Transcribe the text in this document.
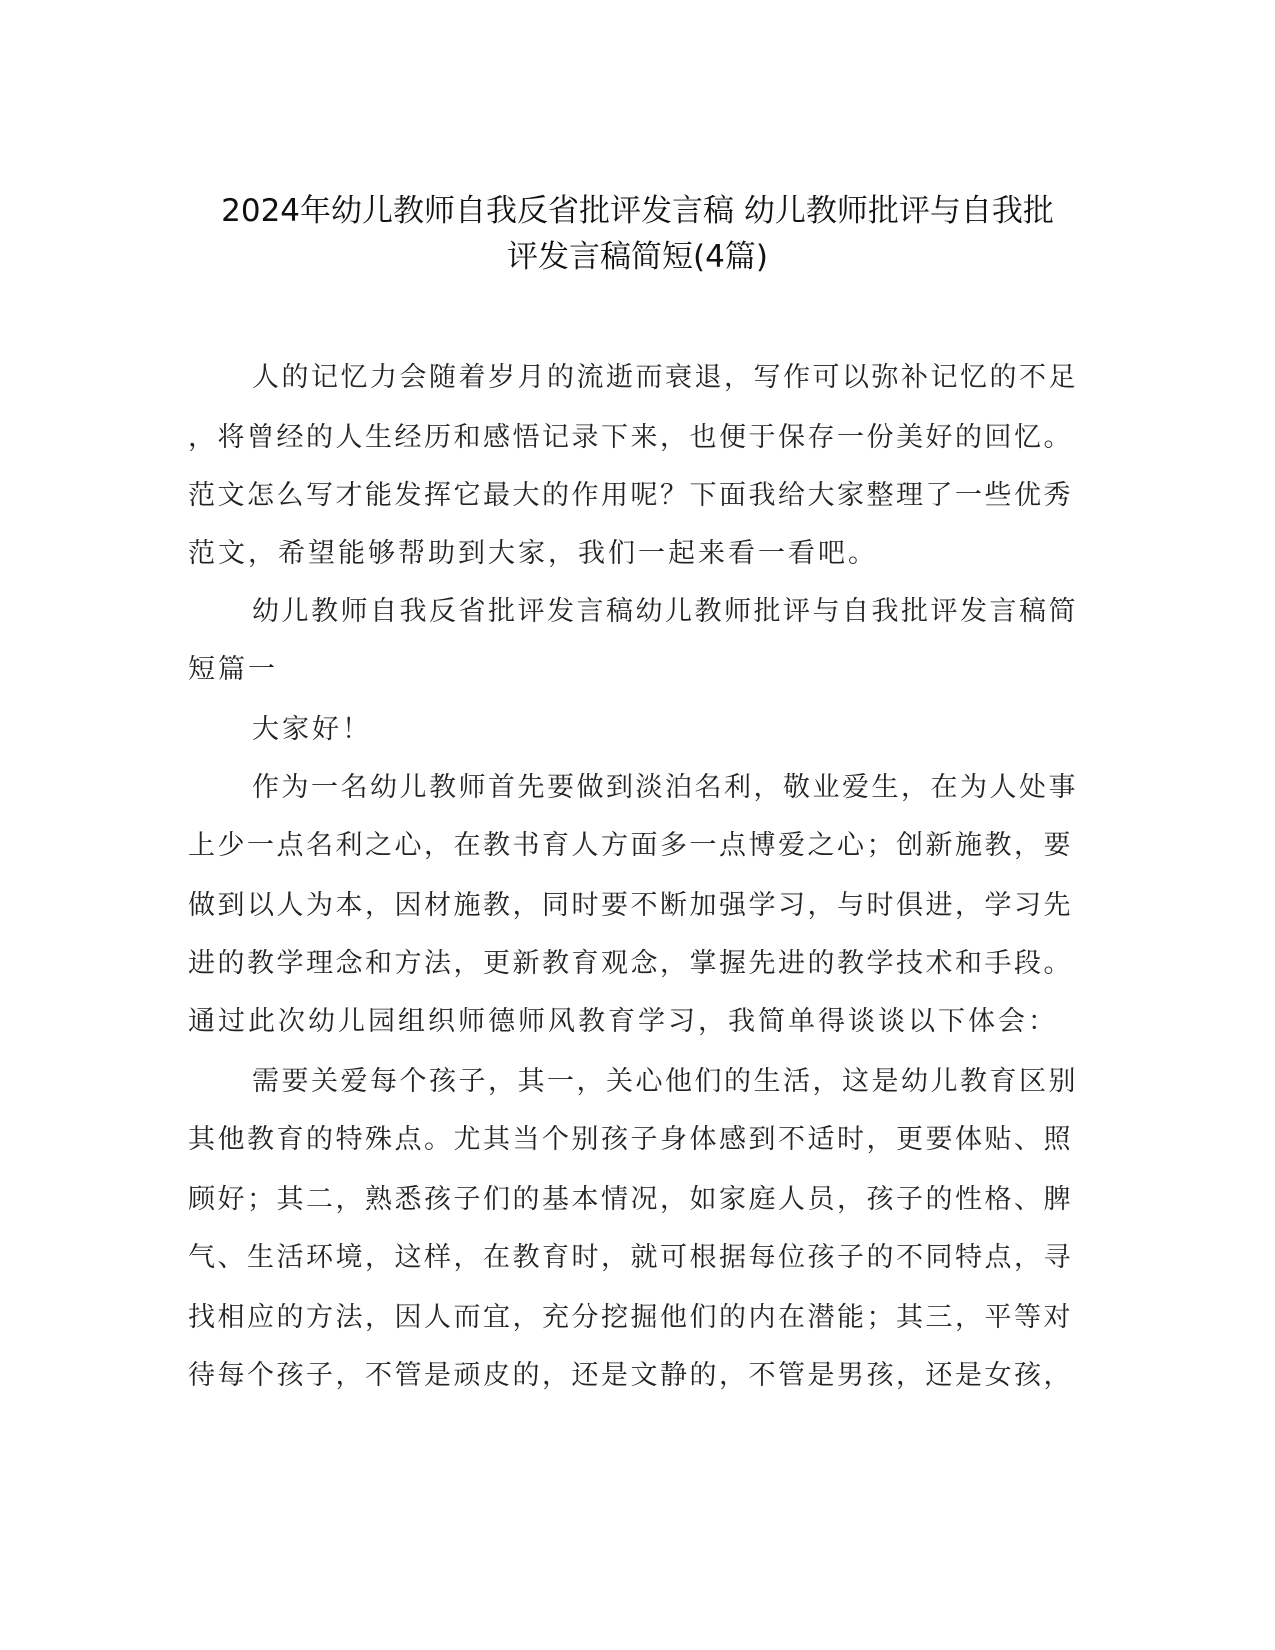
2024年幼儿教师自我反省批评发言稿 幼儿教师批评与自我批
评发言稿简短(4篇)

人的记忆力会随着岁月的流逝而衰退，写作可以弥补记忆的不足

，将曾经的人生经历和感悟记录下来，也便于保存一份美好的回忆。

范文怎么写才能发挥它最大的作用呢？下面我给大家整理了一些优秀

范文，希望能够帮助到大家，我们一起来看一看吧。

幼儿教师自我反省批评发言稿幼儿教师批评与自我批评发言稿简

短篇一

大家好！

作为一名幼儿教师首先要做到淡泊名利，敬业爱生，在为人处事

上少一点名利之心，在教书育人方面多一点博爱之心；创新施教，要

做到以人为本，因材施教，同时要不断加强学习，与时俱进，学习先

进的教学理念和方法，更新教育观念，掌握先进的教学技术和手段。

通过此次幼儿园组织师德师风教育学习，我简单得谈谈以下体会：

需要关爱每个孩子，其一，关心他们的生活，这是幼儿教育区别

其他教育的特殊点。尤其当个别孩子身体感到不适时，更要体贴、照

顾好；其二，熟悉孩子们的基本情况，如家庭人员，孩子的性格、脾

气、生活环境，这样，在教育时，就可根据每位孩子的不同特点，寻

找相应的方法，因人而宜，充分挖掘他们的内在潜能；其三，平等对

待每个孩子，不管是顽皮的，还是文静的，不管是男孩，还是女孩，
